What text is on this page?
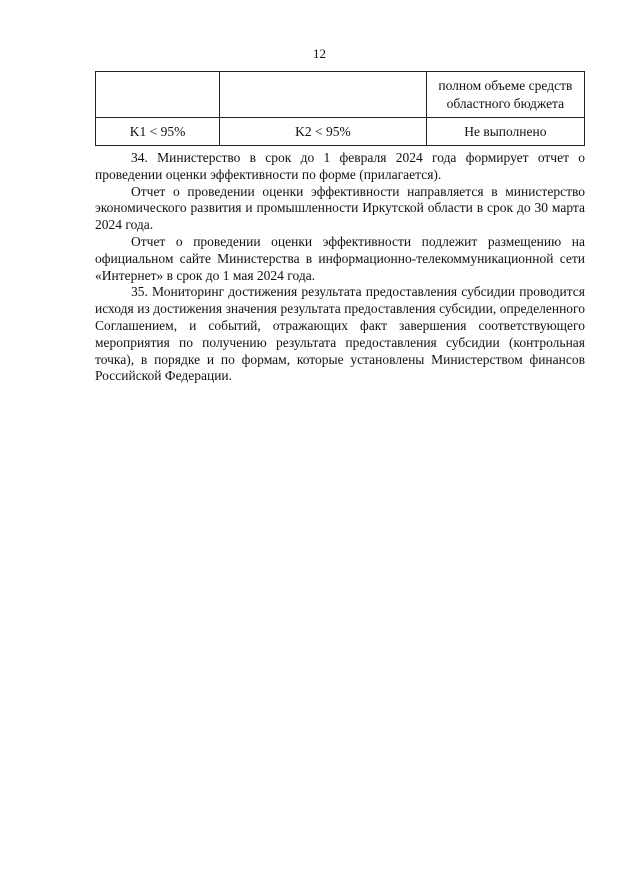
12

		полном объеме средств
областного бюджета

K1 < 95%	K2 < 95%	Не выполнено

34. Министерство в срок до 1 февраля 2024 года формирует отчет о проведении оценки эффективности по форме (прилагается).

Отчет о проведении оценки эффективности направляется в министерство экономического развития и промышленности Иркутской области в срок до 30 марта 2024 года.

Отчет о проведении оценки эффективности подлежит размещению на официальном сайте Министерства в информационно-телекоммуникационной сети «Интернет» в срок до 1 мая 2024 года.

35. Мониторинг достижения результата предоставления субсидии проводится исходя из достижения значения результата предоставления субсидии, определенного Соглашением, и событий, отражающих факт завершения соответствующего мероприятия по получению результата предоставления субсидии (контрольная точка), в порядке и по формам, которые установлены Министерством финансов Российской Федерации.
